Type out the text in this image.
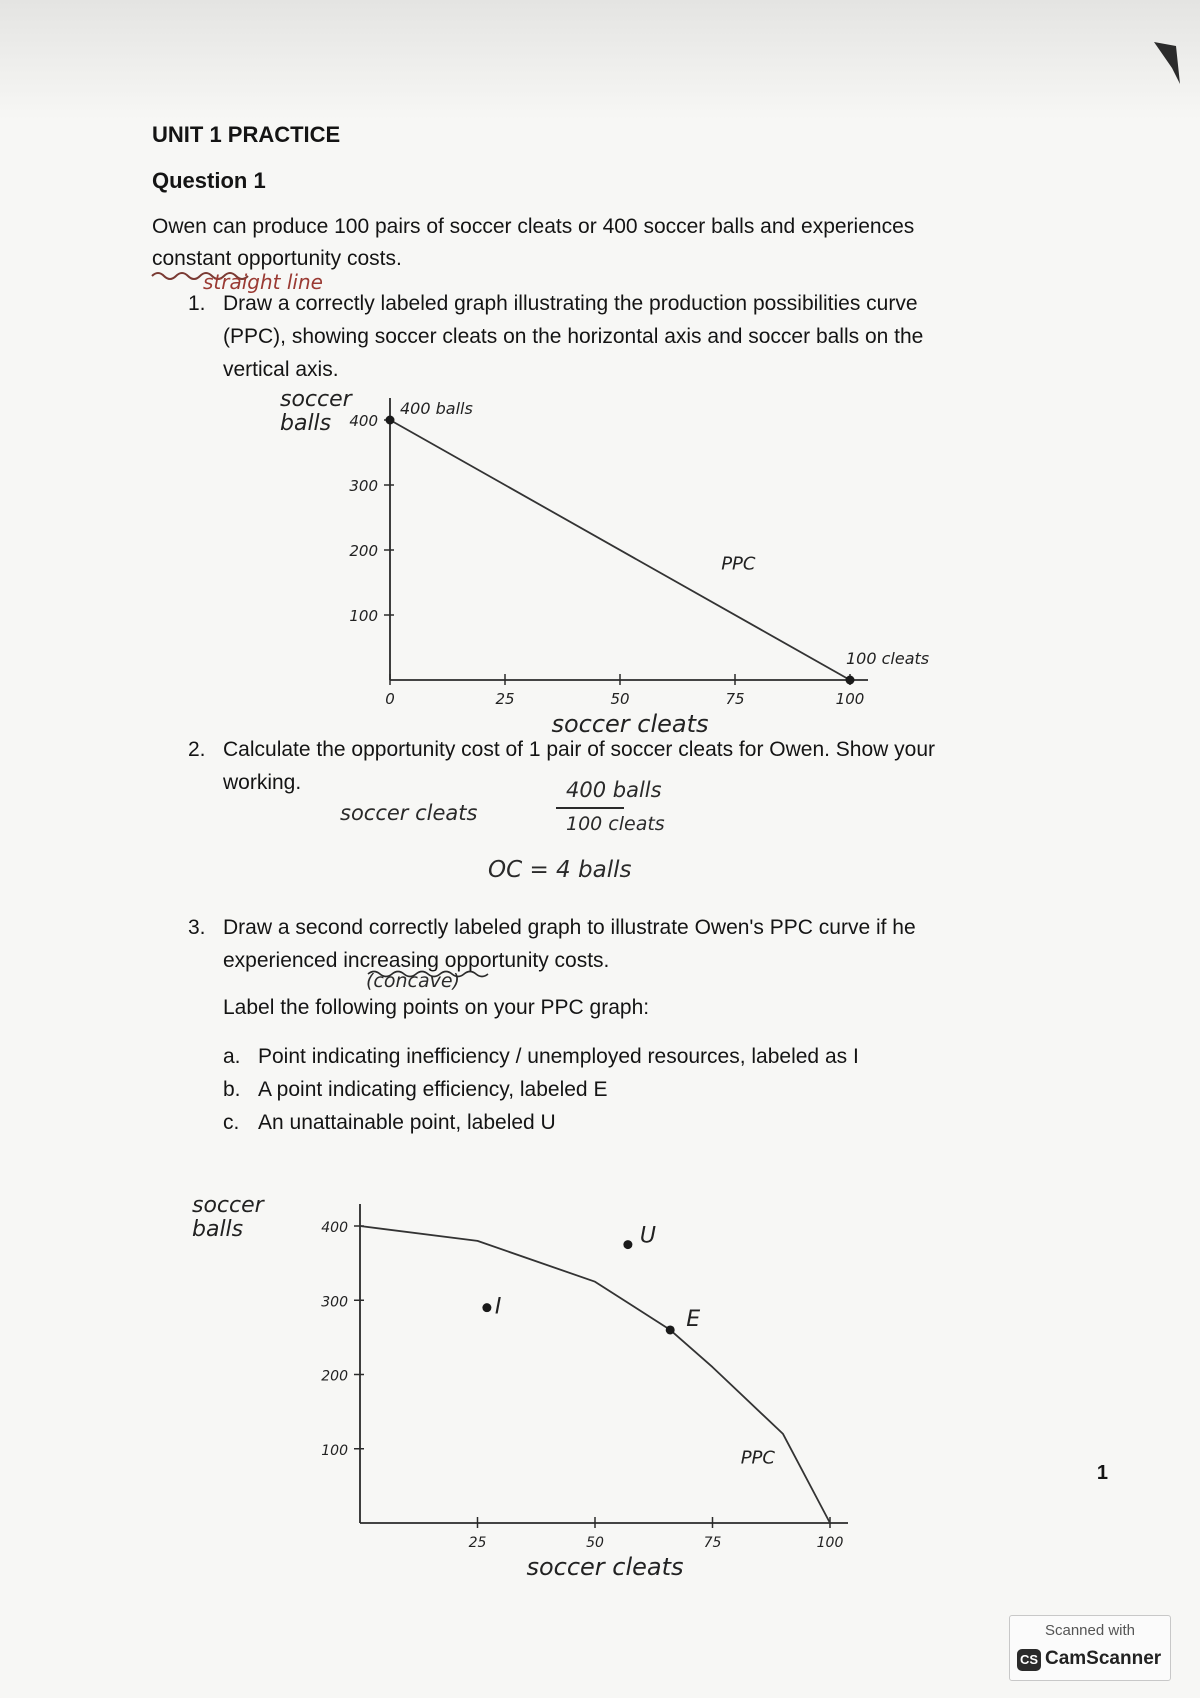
UNIT 1 PRACTICE
Question 1
Owen can produce 100 pairs of soccer cleats or 400 soccer balls and experiences
constant opportunity costs.
straight line
1. Draw a correctly labeled graph illustrating the production possibilities curve
(PPC), showing soccer cleats on the horizontal axis and soccer balls on the
vertical axis.
100
200
300
400
0	25	50	75	100
soccer cleats
soccer
balls
PPC
400 balls
100 cleats
2. Calculate the opportunity cost of 1 pair of soccer cleats for Owen. Show your
working.
soccer cleats
400 balls
100 cleats
OC = 4 balls
3. Draw a second correctly labeled graph to illustrate Owen's PPC curve if he
experienced increasing opportunity costs.
(concave)
Label the following points on your PPC graph:
a. Point indicating inefficiency / unemployed resources, labeled as I
b. A point indicating efficiency, labeled E
c. An unattainable point, labeled U
100
200
300
400
25	50	75	100
soccer cleats
soccer
balls
PPC
I	E
U
1
Scanned with
CS CamScanner
